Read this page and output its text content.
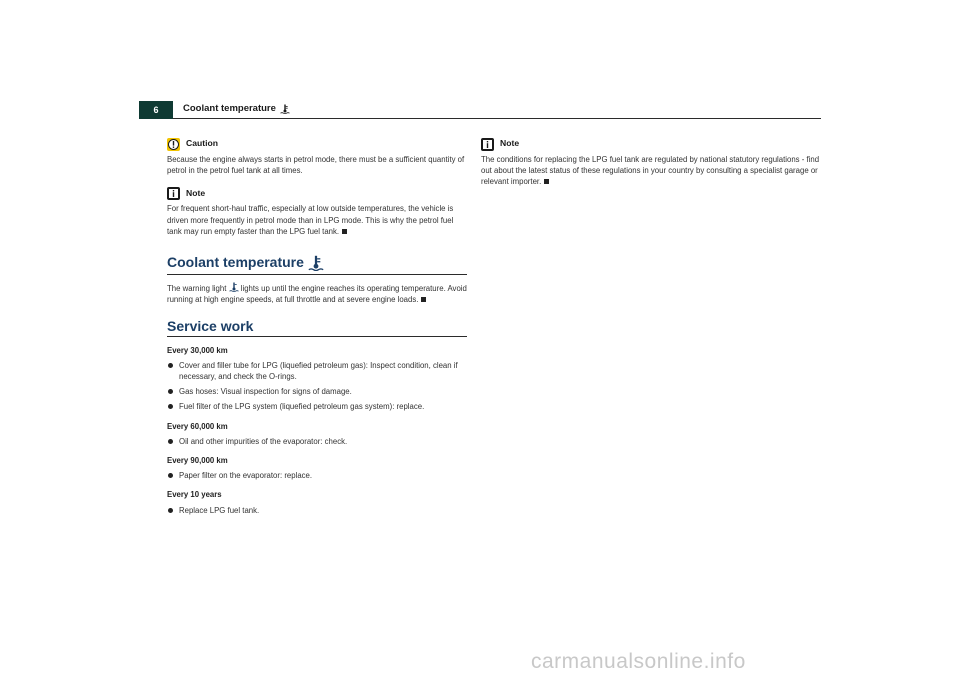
6	Coolant temperature
Caution

Because the engine always starts in petrol mode, there must be a sufficient quantity of petrol in the petrol fuel tank at all times.

Note

For frequent short-haul traffic, especially at low outside temperatures, the vehicle is driven more frequently in petrol mode than in LPG mode. This is why the petrol fuel tank may run empty faster than the LPG fuel tank.

Coolant temperature

The warning light lights up until the engine reaches its operating temperature. Avoid running at high engine speeds, at full throttle and at severe engine loads.

Service work
Every 30,000 km
Cover and filler tube for LPG (liquefied petroleum gas): Inspect condition, clean if necessary, and check the O-rings.
Gas hoses: Visual inspection for signs of damage.
Fuel filter of the LPG system (liquefied petroleum gas system): replace.
Every 60,000 km
Oil and other impurities of the evaporator: check.
Every 90,000 km
Paper filter on the evaporator: replace.
Every 10 years
Replace LPG fuel tank.
Note

The conditions for replacing the LPG fuel tank are regulated by national statutory regulations - find out about the latest status of these regulations in your country by consulting a specialist garage or relevant importer.

carmanualsonline.info
